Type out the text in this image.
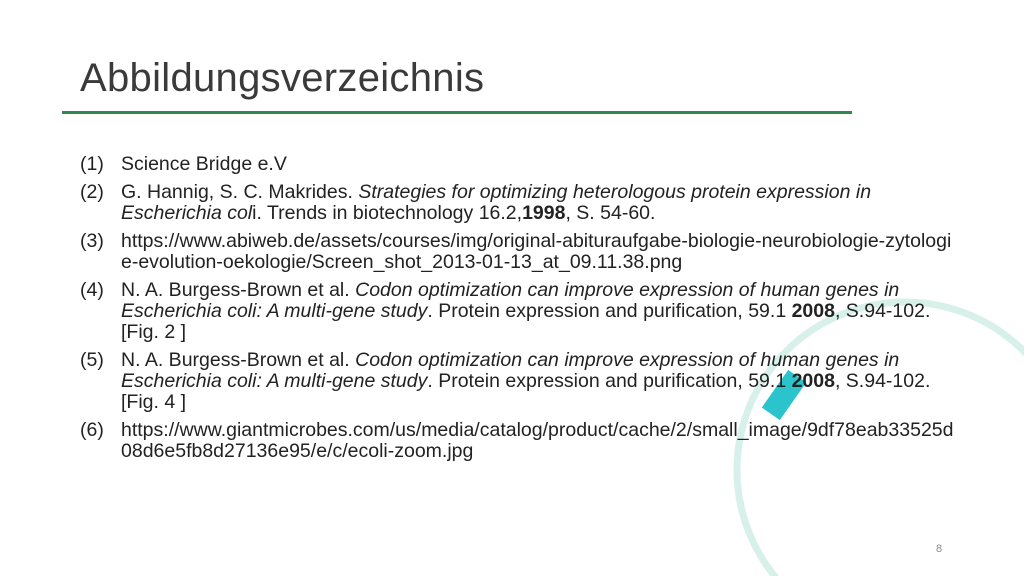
Abbildungsverzeichnis
(1) Science Bridge e.V
(2) G. Hannig, S. C. Makrides. Strategies for optimizing heterologous protein expression in Escherichia coli. Trends in biotechnology 16.2,1998, S. 54-60.
(3) https://www.abiweb.de/assets/courses/img/original-abituraufgabe-biologie-neurobiologie-zytologie-evolution-oekologie/Screen_shot_2013-01-13_at_09.11.38.png
(4) N. A. Burgess-Brown et al. Codon optimization can improve expression of human genes in Escherichia coli: A multi-gene study. Protein expression and purification, 59.1 2008, S.94-102. [Fig. 2 ]
(5) N. A. Burgess-Brown et al. Codon optimization can improve expression of human genes in Escherichia coli: A multi-gene study. Protein expression and purification, 59.1 2008, S.94-102. [Fig. 4 ]
(6) https://www.giantmicrobes.com/us/media/catalog/product/cache/2/small_image/9df78eab33525d08d6e5fb8d27136e95/e/c/ecoli-zoom.jpg
8
